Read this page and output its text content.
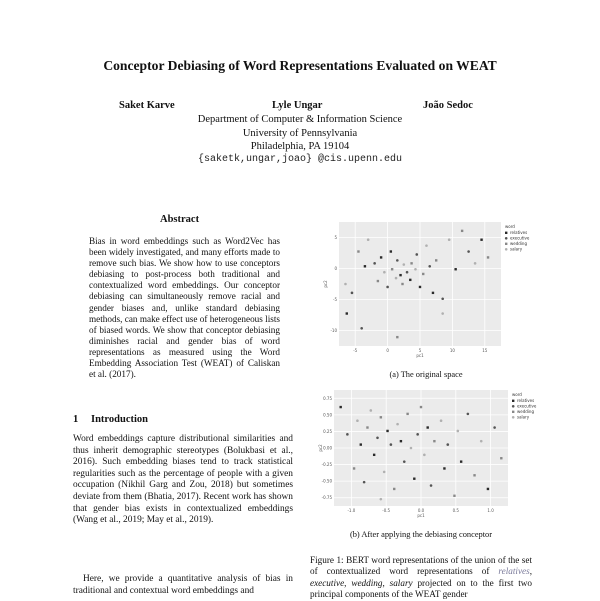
Conceptor Debiasing of Word Representations Evaluated on WEAT
Saket Karve	Lyle Ungar	João Sedoc
Department of Computer & Information Science
University of Pennsylvania
Philadelphia, PA 19104
{saketk,ungar,joao} @cis.upenn.edu
Abstract
Bias in word embeddings such as Word2Vec has been widely investigated, and many efforts made to remove such bias. We show how to use conceptors debiasing to post-process both traditional and contextualized word embeddings. Our conceptor debiasing can simultaneously remove racial and gender biases and, unlike standard debiasing methods, can make effect use of heterogeneous lists of biased words. We show that conceptor debiasing diminishes racial and gender bias of word representations as measured using the Word Embedding Association Test (WEAT) of Caliskan et al. (2017).
1 Introduction
Word embeddings capture distributional similarities and thus inherit demographic stereotypes (Bolukbasi et al., 2016). Such embedding biases tend to track statistical regularities such as the percentage of people with a given occupation (Nikhil Garg and Zou, 2018) but sometimes deviate from them (Bhatia, 2017). Recent work has shown that gender bias exists in contextualized embeddings (Wang et al., 2019; May et al., 2019).
Here, we provide a quantitative analysis of bias in traditional and contextual word embeddings and
-5	0	5	10	15
-10
-5
0
5
pc1
pc2
word
relatives
executive
wedding
salary
(a) The original space
-1.0	-0.5	0.0	0.5	1.0
-0.75
-0.50
-0.25
0.00
0.25
0.50
0.75
pc1
pc2
word
relatives
executive
wedding
salary
(b) After applying the debiasing conceptor
Figure 1: BERT word representations of the union of the set of contextualized word representations of relatives, executive, wedding, salary projected on to the first two principal components of the WEAT gender
